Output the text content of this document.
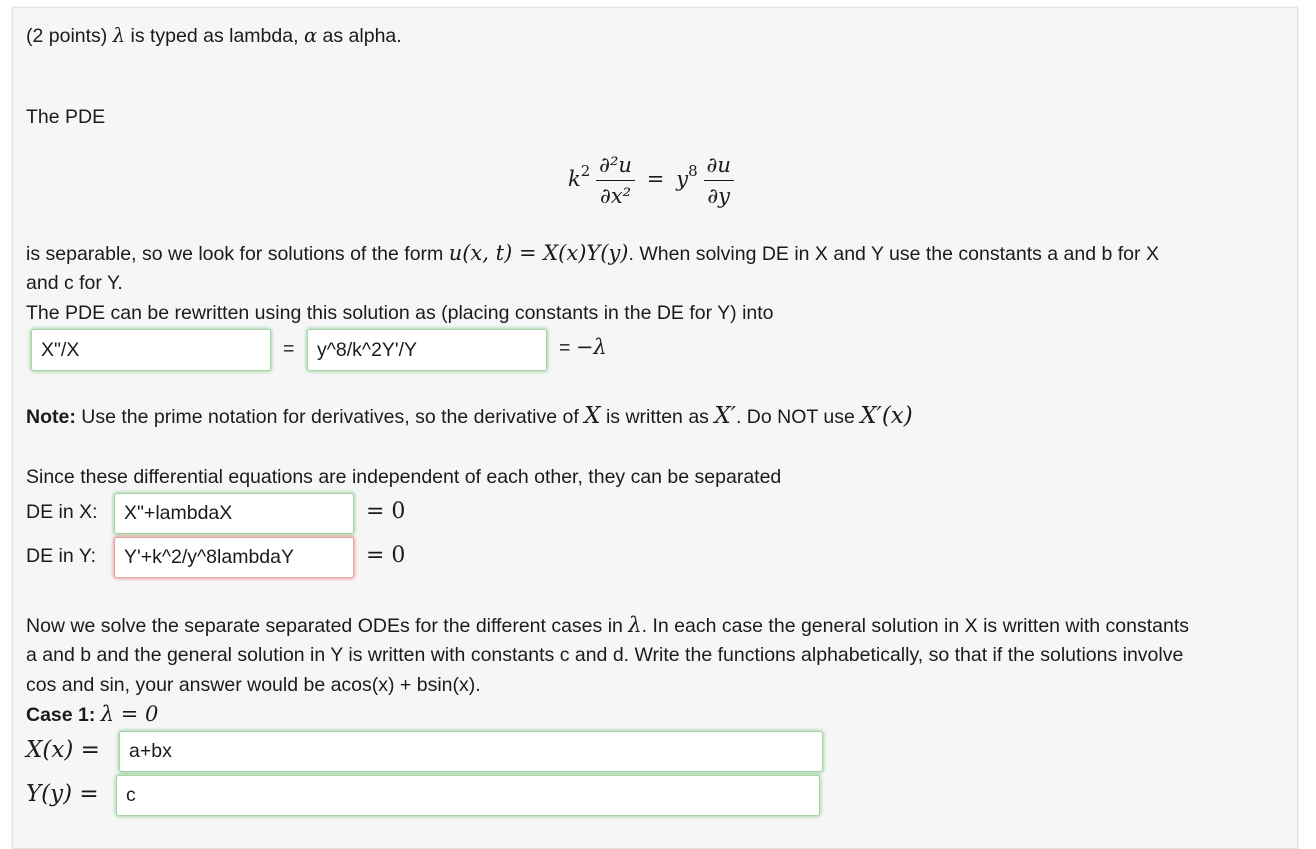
(2 points) λ is typed as lambda, α as alpha.
The PDE
$k^2 \frac{\text{∂²u}}{\text{∂x²}} = y^8 \frac{\partial u}{\partial y}$
is separable, so we look for solutions of the form u(x, t) = X(x)Y(y). When solving DE in X and Y use the constants a and b for X
and c for Y.
The PDE can be rewritten using this solution as (placing constants in the DE for Y) into
X"/X	=	y^8/k^2Y'/Y	= −λ
Note: Use the prime notation for derivatives, so the derivative of X is written as X′. Do NOT use X′(x)
Since these differential equations are independent of each other, they can be separated
DE in X:	X"+lambdaX	= 0
DE in Y:	Y'+k^2/y^8lambdaY	= 0
Now we solve the separate separated ODEs for the different cases in λ. In each case the general solution in X is written with constants
a and b and the general solution in Y is written with constants c and d. Write the functions alphabetically, so that if the solutions involve
cos and sin, your answer would be acos(x) + bsin(x).
Case 1: λ = 0
X(x) =	a+bx
Y(y) =	c
